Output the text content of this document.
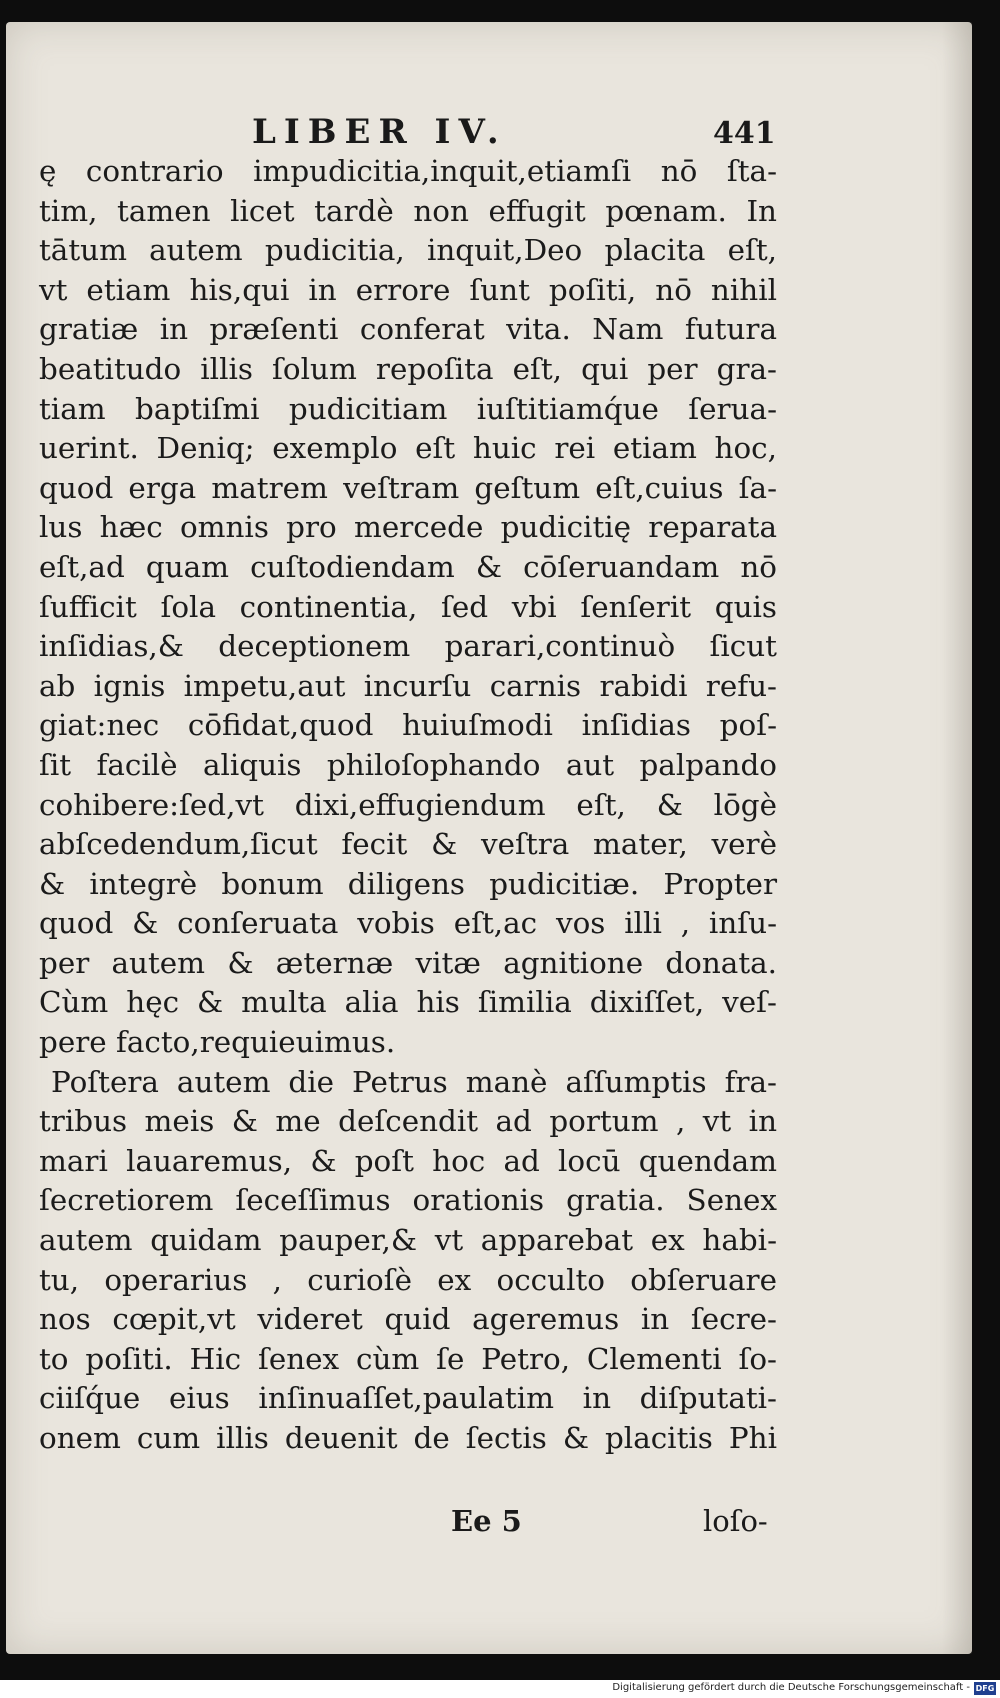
LIBER IV.	441
ę contrario impudicitia,inquit,etiamſi nō ſta-
tim, tamen licet tardè non effugit pœnam. In
tātum autem pudicitia, inquit,Deo placita eſt,
vt etiam his,qui in errore ſunt poſiti, nō nihil
gratiæ in præſenti conferat vita. Nam futura
beatitudo illis ſolum repoſita eſt, qui per gra-
tiam baptiſmi pudicitiam iuſtitiamq́ue ſerua-
uerint. Deniq; exemplo eſt huic rei etiam hoc,
quod erga matrem veſtram geſtum eſt,cuius ſa-
lus hæc omnis pro mercede pudicitię reparata
eſt,ad quam cuſtodiendam & cōſeruandam nō
ſufficit ſola continentia, ſed vbi ſenſerit quis
inſidias,& deceptionem parari,continuò ſicut
ab ignis impetu,aut incurſu carnis rabidi refu-
giat:nec cōfidat,quod huiuſmodi inſidias poſ-
ſit facilè aliquis philoſophando aut palpando
cohibere:ſed,vt dixi,effugiendum eſt, & lōgè
abſcedendum,ſicut fecit & veſtra mater, verè
& integrè bonum diligens pudicitiæ. Propter
quod & conſeruata vobis eſt,ac vos illi , inſu-
per autem & æternæ vitæ agnitione donata.
Cùm hęc & multa alia his ſimilia dixiſſet, veſ-
pere facto,requieuimus.
Poſtera autem die Petrus manè aſſumptis fra-
tribus meis & me deſcendit ad portum , vt in
mari lauaremus, & poſt hoc ad locū quendam
ſecretiorem ſeceſſimus orationis gratia. Senex
autem quidam pauper,& vt apparebat ex habi-
tu, operarius , curioſè ex occulto obſeruare
nos cœpit,vt videret quid ageremus in ſecre-
to poſiti. Hic ſenex cùm ſe Petro, Clementi ſo-
ciiſq́ue eius inſinuaſſet,paulatim in diſputati-
onem cum illis deuenit de ſectis & placitis Phi
Ee 5	loſo-
Digitalisierung gefördert durch die Deutsche Forschungsgemeinschaft - DFG
